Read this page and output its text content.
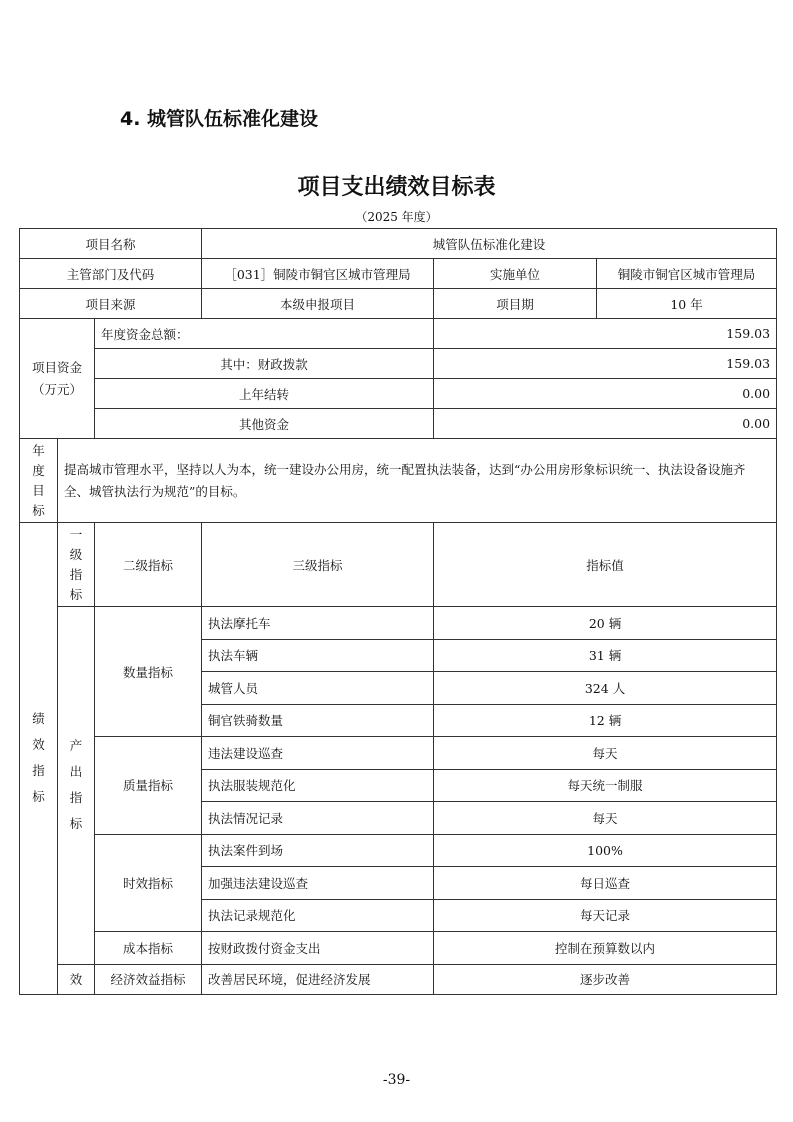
4. 城管队伍标准化建设
项目支出绩效目标表
（2025 年度）
项目名称			城管队伍标准化建设		
主管部门及代码			［031］铜陵市铜官区城市管理局	实施单位	铜陵市铜官区城市管理局
项目来源			本级申报项目	项目期	10 年

项目资金
（万元）		年度资金总额：		159.03	
		其中：财政拨款		159.03	
		上年结转		0.00	
		其他资金		0.00	

年
度
目
标	提高城市管理水平，坚持以人为本，统一建设办公用房，统一配置执法装备，达到“办公用房形象标识统一、执法设备设施齐全、城管执法行为规范”的目标。				

绩
效
指
标	一
级
指
标	二级指标	三级指标	指标值	

	产
出
指
标	数量指标	执法摩托车	20 辆	
			执法车辆	31 辆	
			城管人员	324 人	
			铜官铁骑数量	12 辆	
		质量指标	违法建设巡查	每天	
			执法服装规范化	每天统一制服	
			执法情况记录	每天	
		时效指标	执法案件到场	100%	
			加强违法建设巡查	每日巡查	
			执法记录规范化	每天记录	
		成本指标	按财政拨付资金支出	控制在预算数以内	
	效	经济效益指标	改善居民环境，促进经济发展	逐步改善	
-39-
